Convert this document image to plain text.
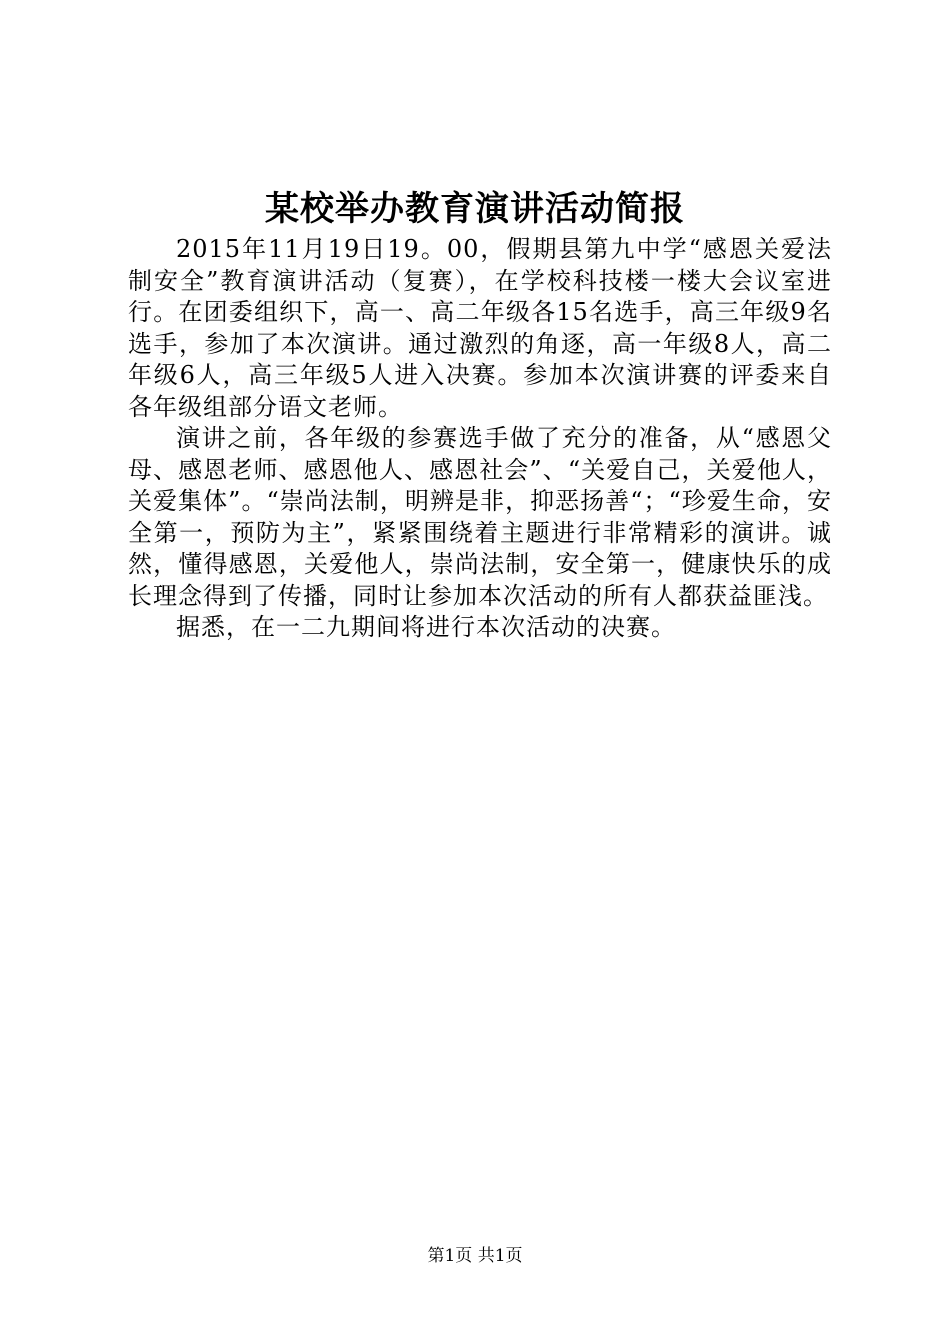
某校举办教育演讲活动简报

2015年11月19日19。00，假期县第九中学“感恩关爱法制安全”教育演讲活动（复赛），在学校科技楼一楼大会议室进行。在团委组织下，高一、高二年级各15名选手，高三年级9名选手，参加了本次演讲。通过激烈的角逐，高一年级8人，高二年级6人，高三年级5人进入决赛。参加本次演讲赛的评委来自各年级组部分语文老师。

演讲之前，各年级的参赛选手做了充分的准备，从“感恩父母、感恩老师、感恩他人、感恩社会”、“关爱自己，关爱他人，关爱集体”。“崇尚法制，明辨是非，抑恶扬善“；“珍爱生命，安全第一，预防为主”，紧紧围绕着主题进行非常精彩的演讲。诚然，懂得感恩，关爱他人，崇尚法制，安全第一，健康快乐的成长理念得到了传播，同时让参加本次活动的所有人都获益匪浅。

据悉，在一二九期间将进行本次活动的决赛。

第1页 共1页
